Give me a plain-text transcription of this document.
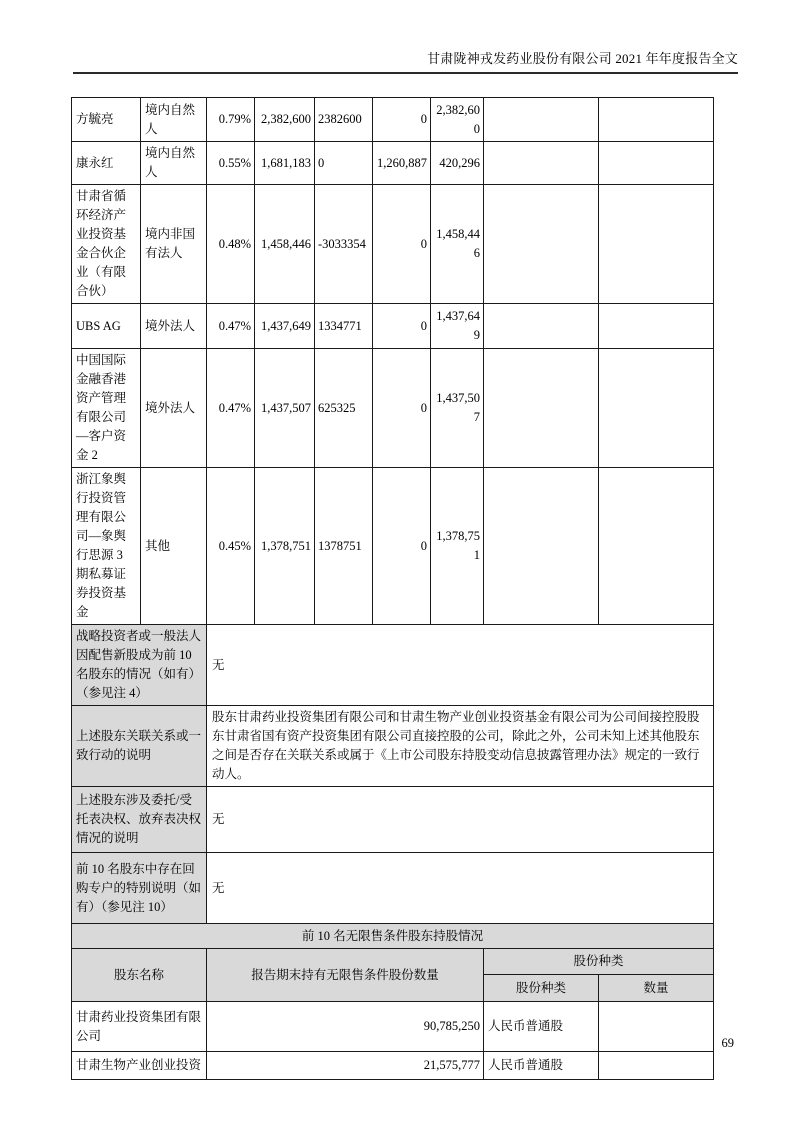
甘肃陇神戎发药业股份有限公司 2021 年年度报告全文
方毓亮	境内自然人	0.79%	2,382,600	2382600	0	2,382,600		
康永红	境内自然人	0.55%	1,681,183	0	1,260,887	420,296		
甘肃省循环经济产业投资基金合伙企业（有限合伙）	境内非国有法人	0.48%	1,458,446	-3033354	0	1,458,446		
UBS AG	境外法人	0.47%	1,437,649	1334771	0	1,437,649		
中国国际金融香港资产管理有限公司—客户资金 2	境外法人	0.47%	1,437,507	625325	0	1,437,507		
浙江象舆行投资管理有限公司—象舆行思源 3 期私募证券投资基金	其他	0.45%	1,378,751	1378751	0	1,378,751		
战略投资者或一般法人因配售新股成为前 10 名股东的情况（如有）（参见注 4）		无						
上述股东关联关系或一致行动的说明		股东甘肃药业投资集团有限公司和甘肃生物产业创业投资基金有限公司为公司间接控股股东甘肃省国有资产投资集团有限公司直接控股的公司，除此之外，公司未知上述其他股东之间是否存在关联关系或属于《上市公司股东持股变动信息披露管理办法》规定的一致行动人。						
上述股东涉及委托/受托表决权、放弃表决权情况的说明		无						
前 10 名股东中存在回购专户的特别说明（如有）（参见注 10）		无						
前 10 名无限售条件股东持股情况								
股东名称		报告期末持有无限售条件股份数量					股份种类	
							股份种类	数量
甘肃药业投资集团有限公司		90,785,250					人民币普通股	
甘肃生物产业创业投资		21,575,777					人民币普通股	
69
